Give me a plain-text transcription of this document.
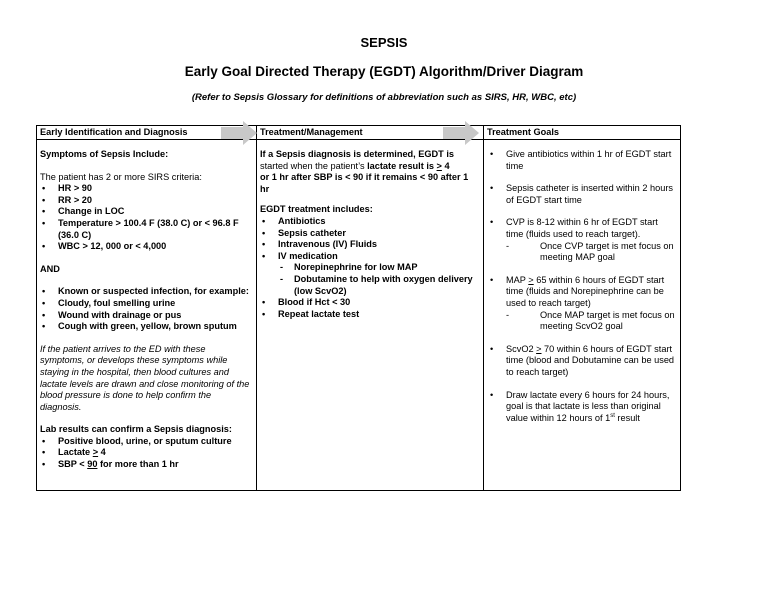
SEPSIS
Early Goal Directed Therapy (EGDT) Algorithm/Driver Diagram
(Refer to Sepsis Glossary for definitions of abbreviation such as SIRS, HR, WBC, etc)
Early Identification and Diagnosis
Symptoms of Sepsis Include:
The patient has 2 or more SIRS criteria:
• HR > 90
• RR > 20
• Change in LOC
• Temperature > 100.4 F (38.0 C) or < 96.8 F (36.0 C)
• WBC > 12, 000 or < 4,000
AND
• Known or suspected infection, for example:
• Cloudy, foul smelling urine
• Wound with drainage or pus
• Cough with green, yellow, brown sputum
If the patient arrives to the ED with these symptoms, or develops these symptoms while staying in the hospital, then blood cultures and lactate levels are drawn and close monitoring of the blood pressure is done to help confirm the diagnosis.
Lab results can confirm a Sepsis diagnosis:
• Positive blood, urine, or sputum culture
• Lactate ≥ 4
• SBP < 90 for more than 1 hr
Treatment/Management
If a Sepsis diagnosis is determined, EGDT is
started when the patient’s lactate result is ≥ 4
or 1 hr after SBP is < 90 if it remains < 90 after 1 hr
EGDT treatment includes:
• Antibiotics
• Sepsis catheter
• Intravenous (IV) Fluids
• IV medication
- Norepinephrine for low MAP
- Dobutamine to help with oxygen delivery (low ScvO2)
• Blood if Hct < 30
• Repeat lactate test
Treatment Goals
• Give antibiotics within 1 hr of EGDT start time
• Sepsis catheter is inserted within 2 hours of EGDT start time
• CVP is 8-12 within 6 hr of EGDT start time (fluids used to reach target).
- Once CVP target is met focus on meeting MAP goal
• MAP ≥ 65 within 6 hours of EGDT start time (fluids and Norepinephrine can be used to reach target)
- Once MAP target is met focus on meeting ScvO2 goal
• ScvO2 ≥ 70 within 6 hours of EGDT start time (blood and Dobutamine can be used to reach target)
• Draw lactate every 6 hours for 24 hours, goal is that lactate is less than original value within 12 hours of 1st result
